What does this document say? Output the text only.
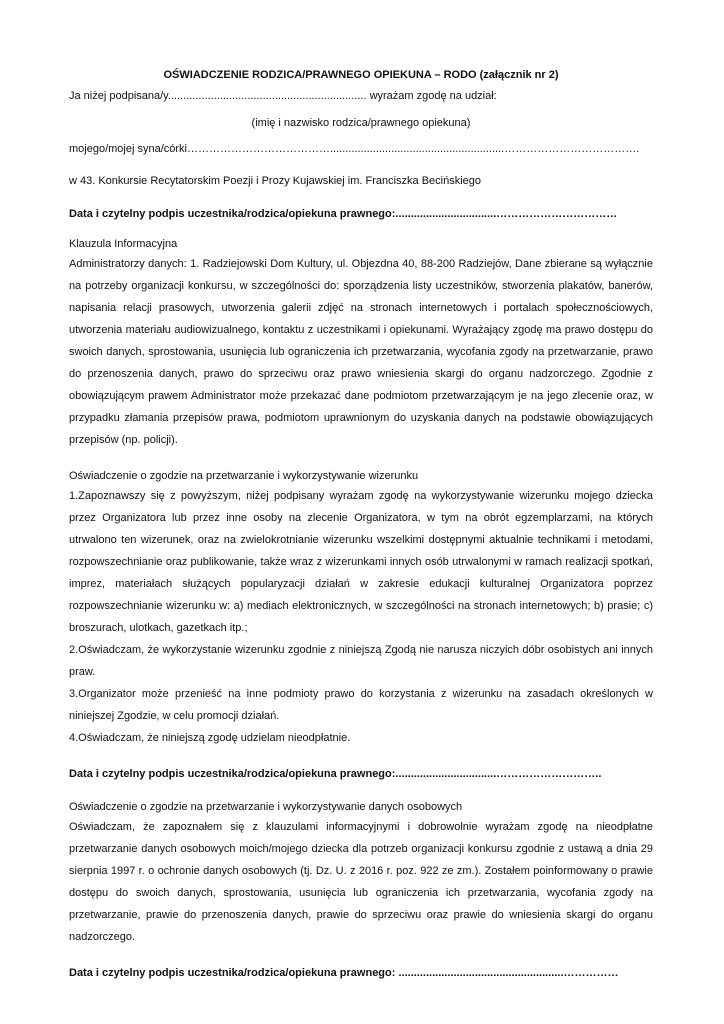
OŚWIADCZENIE RODZICA/PRAWNEGO OPIEKUNA – RODO (załącznik nr 2)
Ja niżej podpisana/y................................................................. wyrażam zgodę na udział:
(imię i nazwisko rodzica/prawnego opiekuna)
mojego/mojej syna/córki………………………………….........................................................……………………………….
w 43. Konkursie Recytatorskim Poezji i Prozy Kujawskiej im. Franciszka Becińskiego
Data i czytelny podpis uczestnika/rodzica/opiekuna prawnego:.................................……………………………
Klauzula Informacyjna
Administratorzy danych: 1. Radziejowski Dom Kultury, ul. Objezdna 40, 88-200 Radziejów, Dane zbierane są wyłącznie na potrzeby organizacji konkursu, w szczególności do: sporządzenia listy uczestników, stworzenia plakatów, banerów, napisania relacji prasowych, utworzenia galerii zdjęć na stronach internetowych i portalach społecznościowych, utworzenia materiału audiowizualnego, kontaktu z uczestnikami i opiekunami. Wyrażający zgodę ma prawo dostępu do swoich danych, sprostowania, usunięcia lub ograniczenia ich przetwarzania, wycofania zgody na przetwarzanie, prawo do przenoszenia danych, prawo do sprzeciwu oraz prawo wniesienia skargi do organu nadzorczego. Zgodnie z obowiązującym prawem Administrator może przekazać dane podmiotom przetwarzającym je na jego zlecenie oraz, w przypadku złamania przepisów prawa, podmiotom uprawnionym do uzyskania danych na podstawie obowiązujących przepisów (np. policji).
Oświadczenie o zgodzie na przetwarzanie i wykorzystywanie wizerunku
1.Zapoznawszy się z powyższym, niżej podpisany wyrażam zgodę na wykorzystywanie wizerunku mojego dziecka przez Organizatora lub przez inne osoby na zlecenie Organizatora, w tym na obrót egzemplarzami, na których utrwalono ten wizerunek, oraz na zwielokrotnianie wizerunku wszelkimi dostępnymi aktualnie technikami i metodami, rozpowszechnianie oraz publikowanie, także wraz z wizerunkami innych osób utrwalonymi w ramach realizacji spotkań, imprez, materiałach służących popularyzacji działań w zakresie edukacji kulturalnej Organizatora poprzez rozpowszechnianie wizerunku w: a) mediach elektronicznych, w szczególności na stronach internetowych; b) prasie; c) broszurach, ulotkach, gazetkach itp.;
2.Oświadczam, że wykorzystanie wizerunku zgodnie z niniejszą Zgodą nie narusza niczyich dóbr osobistych ani innych praw.
3.Organizator może przenieść na inne podmioty prawo do korzystania z wizerunku na zasadach określonych w niniejszej Zgodzie, w celu promocji działań.
4.Oświadczam, że niniejszą zgodę udzielam nieodpłatnie.
Data i czytelny podpis uczestnika/rodzica/opiekuna prawnego:.................................………………………..
Oświadczenie o zgodzie na przetwarzanie i wykorzystywanie danych osobowych
Oświadczam, że zapoznałem się z klauzulami informacyjnymi i dobrowolnie wyrażam zgodę na nieodpłatne przetwarzanie danych osobowych moich/mojego dziecka dla potrzeb organizacji konkursu zgodnie z ustawą a dnia 29 sierpnia 1997 r. o ochronie danych osobowych (tj. Dz. U. z 2016 r. poz. 922 ze zm.). Zostałem poinformowany o prawie dostępu do swoich danych, sprostowania, usunięcia lub ograniczenia ich przetwarzania, wycofania zgody na przetwarzanie, prawie do przenoszenia danych, prawie do sprzeciwu oraz prawie do wniesienia skargi do organu nadzorczego.
Data i czytelny podpis uczestnika/rodzica/opiekuna prawnego: ......................................................……………
